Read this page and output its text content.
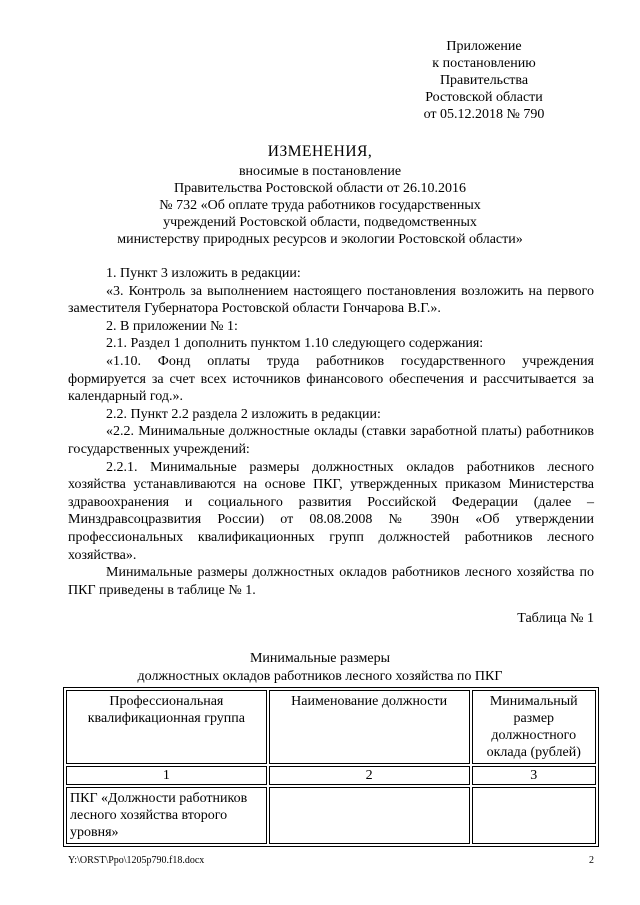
Приложение
к постановлению
Правительства
Ростовской области
от 05.12.2018 № 790
ИЗМЕНЕНИЯ,
вносимые в постановление
Правительства Ростовской области от 26.10.2016
№ 732 «Об оплате труда работников государственных
учреждений Ростовской области, подведомственных
министерству природных ресурсов и экологии Ростовской области»

1. Пункт 3 изложить в редакции:

«3. Контроль за выполнением настоящего постановления возложить на первого заместителя Губернатора Ростовской области Гончарова В.Г.».

2. В приложении № 1:

2.1. Раздел 1 дополнить пунктом 1.10 следующего содержания:

«1.10. Фонд оплаты труда работников государственного учреждения формируется за счет всех источников финансового обеспечения и рассчитывается за календарный год.».

2.2. Пункт 2.2 раздела 2 изложить в редакции:

«2.2. Минимальные должностные оклады (ставки заработной платы) работников государственных учреждений:

2.2.1. Минимальные размеры должностных окладов работников лесного хозяйства устанавливаются на основе ПКГ, утвержденных приказом Министерства здравоохранения и социального развития Российской Федерации (далее – Минздравсоцразвития России) от 08.08.2008 № 390н «Об утверждении профессиональных квалификационных групп должностей работников лесного хозяйства».

Минимальные размеры должностных окладов работников лесного хозяйства по ПКГ приведены в таблице № 1.

Таблица № 1
Минимальные размеры
должностных окладов работников лесного хозяйства по ПКГ
Профессиональная квалификационная группа	Наименование должности	Минимальный размер должностного оклада (рублей)
1	2	3
ПКГ «Должности работников лесного хозяйства второго уровня»		
Y:\ORST\Ppo\1205p790.f18.docx	2
